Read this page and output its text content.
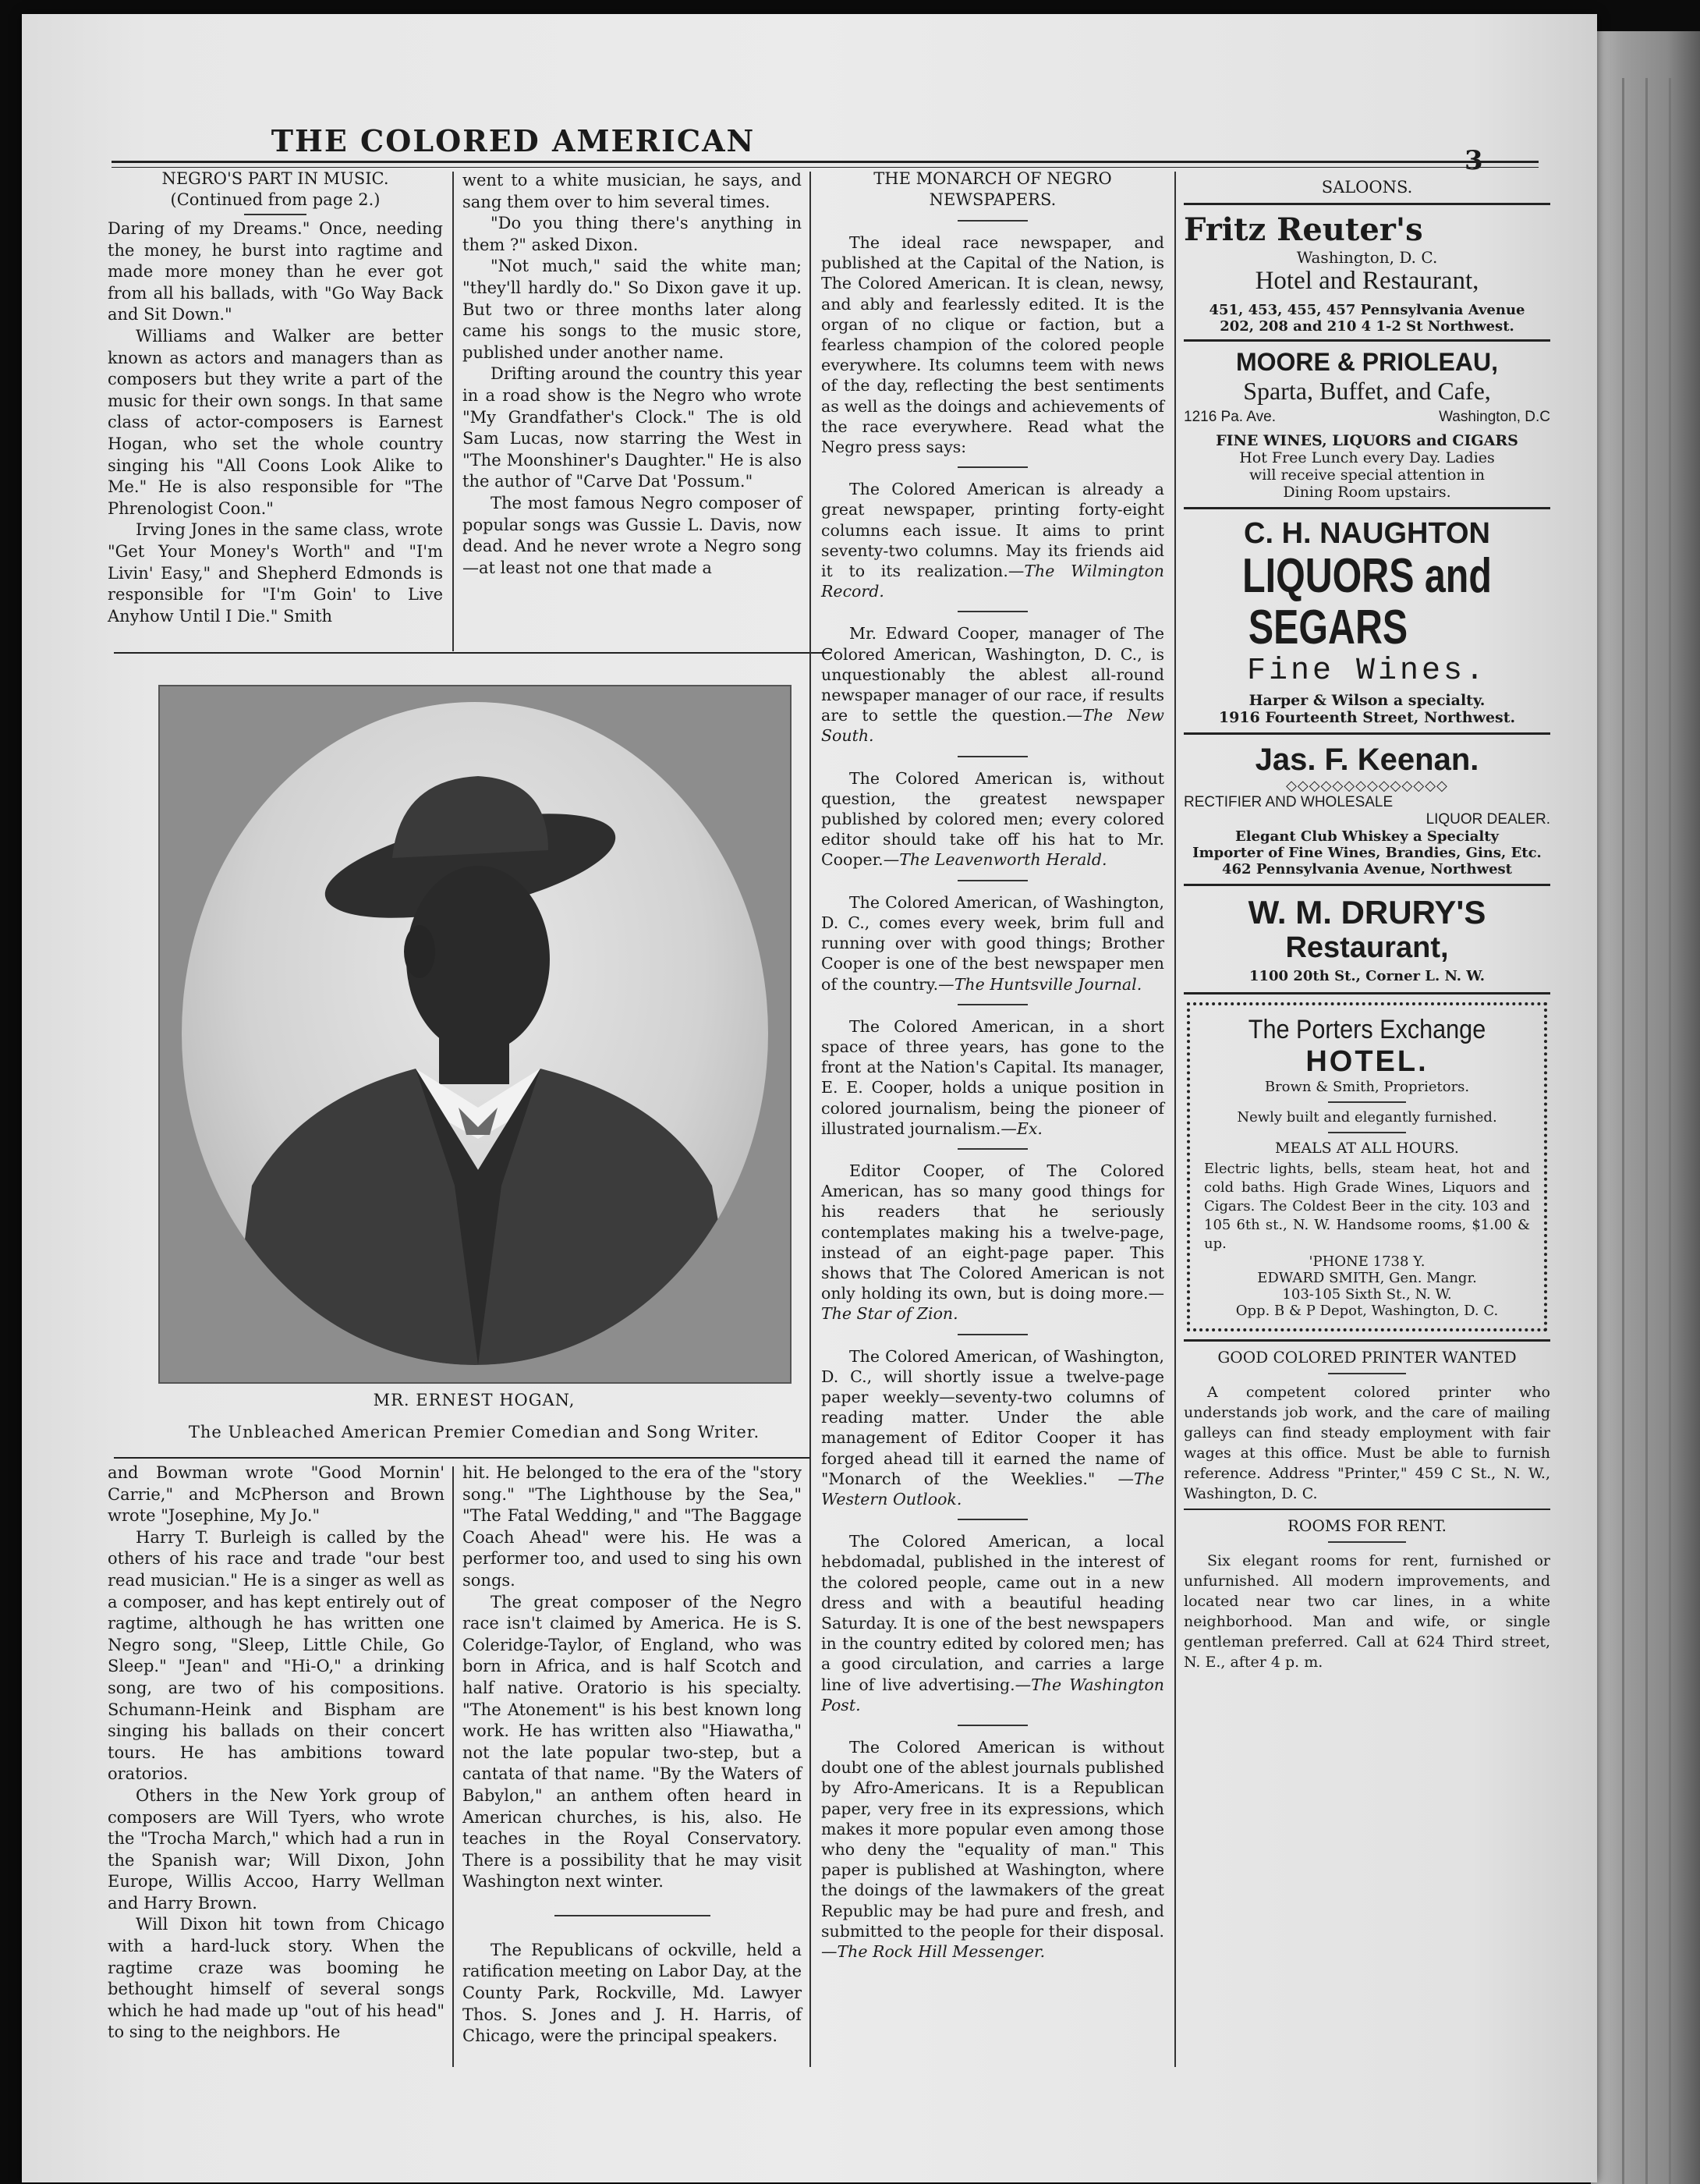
THE COLORED AMERICAN
NEGRO'S PART IN MUSIC.
(Continued from page 2.)

Daring of my Dreams." Once, needing the money, he burst into ragtime and made more money than he ever got from all his ballads, with "Go Way Back and Sit Down."

Williams and Walker are better known as actors and managers than as composers but they write a part of the music for their own songs. In that same class of actor-composers is Earnest Hogan, who set the whole country singing his "All Coons Look Alike to Me." He is also responsible for "The Phrenologist Coon."

Irving Jones in the same class, wrote "Get Your Money's Worth" and "I'm Livin' Easy," and Shepherd Edmonds is responsible for "I'm Goin' to Live Anyhow Until I Die." Smith

went to a white musician, he says, and sang them over to him several times.

"Do you thing there's anything in them ?" asked Dixon.

"Not much," said the white man; "they'll hardly do." So Dixon gave it up. But two or three months later along came his songs to the music store, published under another name.

Drifting around the country this year in a road show is the Negro who wrote "My Grandfather's Clock." The is old Sam Lucas, now starring the West in "The Moonshiner's Daughter." He is also the author of "Carve Dat 'Possum."

The most famous Negro composer of popular songs was Gussie L. Davis, now dead. And he never wrote a Negro song—at least not one that made a

MR. ERNEST HOGAN,
The Unbleached American Premier Comedian and Song Writer.

and Bowman wrote "Good Mornin' Carrie," and McPherson and Brown wrote "Josephine, My Jo."

Harry T. Burleigh is called by the others of his race and trade "our best read musician." He is a singer as well as a composer, and has kept entirely out of ragtime, although he has written one Negro song, "Sleep, Little Chile, Go Sleep." "Jean" and "Hi-O," a drinking song, are two of his compositions. Schumann-Heink and Bispham are singing his ballads on their concert tours. He has ambitions toward oratorios.

Others in the New York group of composers are Will Tyers, who wrote the "Trocha March," which had a run in the Spanish war; Will Dixon, John Europe, Willis Accoo, Harry Wellman and Harry Brown.

Will Dixon hit town from Chicago with a hard-luck story. When the ragtime craze was booming he bethought himself of several songs which he had made up "out of his head" to sing to the neighbors. He

hit. He belonged to the era of the "story song." "The Lighthouse by the Sea," "The Fatal Wedding," and "The Baggage Coach Ahead" were his. He was a performer too, and used to sing his own songs.

The great composer of the Negro race isn't claimed by America. He is S. Coleridge-Taylor, of England, who was born in Africa, and is half Scotch and half native. Oratorio is his specialty. "The Atonement" is his best known long work. He has written also "Hiawatha," not the late popular two-step, but a cantata of that name. "By the Waters of Babylon," an anthem often heard in American churches, is his, also. He teaches in the Royal Conservatory. There is a possibility that he may visit Washington next winter.

The Republicans of ockville, held a ratification meeting on Labor Day, at the County Park, Rockville, Md. Lawyer Thos. S. Jones and J. H. Harris, of Chicago, were the principal speakers.

THE MONARCH OF NEGRO NEWSPAPERS.

The ideal race newspaper, and published at the Capital of the Nation, is The Colored American. It is clean, newsy, and ably and fearlessly edited. It is the organ of no clique or faction, but a fearless champion of the colored people everywhere. Its columns teem with news of the day, reflecting the best sentiments as well as the doings and achievements of the race everywhere. Read what the Negro press says:

The Colored American is already a great newspaper, printing forty-eight columns each issue. It aims to print seventy-two columns. May its friends aid it to its realization.—The Wilmington Record.

Mr. Edward Cooper, manager of The Colored American, Washington, D. C., is unquestionably the ablest all-round newspaper manager of our race, if results are to settle the question.—The New South.

The Colored American is, without question, the greatest newspaper published by colored men; every colored editor should take off his hat to Mr. Cooper.—The Leavenworth Herald.

The Colored American, of Washington, D. C., comes every week, brim full and running over with good things; Brother Cooper is one of the best newspaper men of the country.—The Huntsville Journal.

The Colored American, in a short space of three years, has gone to the front at the Nation's Capital. Its manager, E. E. Cooper, holds a unique position in colored journalism, being the pioneer of illustrated journalism.—Ex.

Editor Cooper, of The Colored American, has so many good things for his readers that he seriously contemplates making his a twelve-page, instead of an eight-page paper. This shows that The Colored American is not only holding its own, but is doing more.—The Star of Zion.

The Colored American, of Washington, D. C., will shortly issue a twelve-page paper weekly—seventy-two columns of reading matter. Under the able management of Editor Cooper it has forged ahead till it earned the name of "Monarch of the Weeklies." —The Western Outlook.

The Colored American, a local hebdomadal, published in the interest of the colored people, came out in a new dress and with a beautiful heading Saturday. It is one of the best newspapers in the country edited by colored men; has a good circulation, and carries a large line of live advertising.—The Washington Post.

The Colored American is without doubt one of the ablest journals published by Afro-Americans. It is a Republican paper, very free in its expressions, which makes it more popular even among those who deny the "equality of man." This paper is published at Washington, where the doings of the lawmakers of the great Republic may be had pure and fresh, and submitted to the people for their disposal.—The Rock Hill Messenger.

SALOONS.
Fritz Reuter's
Washington, D. C.
Hotel and Restaurant,
451, 453, 455, 457 Pennsylvania Avenue
202, 208 and 210 4 1-2 St Northwest.
MOORE & PRIOLEAU,
Sparta, Buffet, and Cafe,
1216 Pa. Ave.	Washington, D.C
FINE WINES, LIQUORS and CIGARS
Hot Free Lunch every Day. Ladies
will receive special attention in
Dining Room upstairs.
C. H. NAUGHTON
LIQUORS and
SEGARS
Fine Wines.
Harper & Wilson a specialty.
1916 Fourteenth Street, Northwest.
Jas. F. Keenan.
◇◇◇◇◇◇◇◇◇◇◇◇◇◇
RECTIFIER AND WHOLESALE
LIQUOR DEALER.
Elegant Club Whiskey a Specialty
Importer of Fine Wines, Brandies, Gins, Etc.
462 Pennsylvania Avenue, Northwest
W. M. DRURY'S
Restaurant,
1100 20th St., Corner L. N. W.
The Porters Exchange
HOTEL.
Brown & Smith, Proprietors.
Newly built and elegantly furnished.
MEALS AT ALL HOURS.
Electric lights, bells, steam heat, hot and cold baths. High Grade Wines, Liquors and Cigars. The Coldest Beer in the city. 103 and 105 6th st., N. W. Handsome rooms, $1.00 & up.
'PHONE 1738 Y.
EDWARD SMITH, Gen. Mangr.
103-105 Sixth St., N. W.
Opp. B & P Depot, Washington, D. C.
GOOD COLORED PRINTER WANTED
A competent colored printer who understands job work, and the care of mailing galleys can find steady employment with fair wages at this office. Must be able to furnish reference. Address "Printer," 459 C St., N. W., Washington, D. C.
ROOMS FOR RENT.
Six elegant rooms for rent, furnished or unfurnished. All modern improvements, and located near two car lines, in a white neighborhood. Man and wife, or single gentleman preferred. Call at 624 Third street, N. E., after 4 p. m.
